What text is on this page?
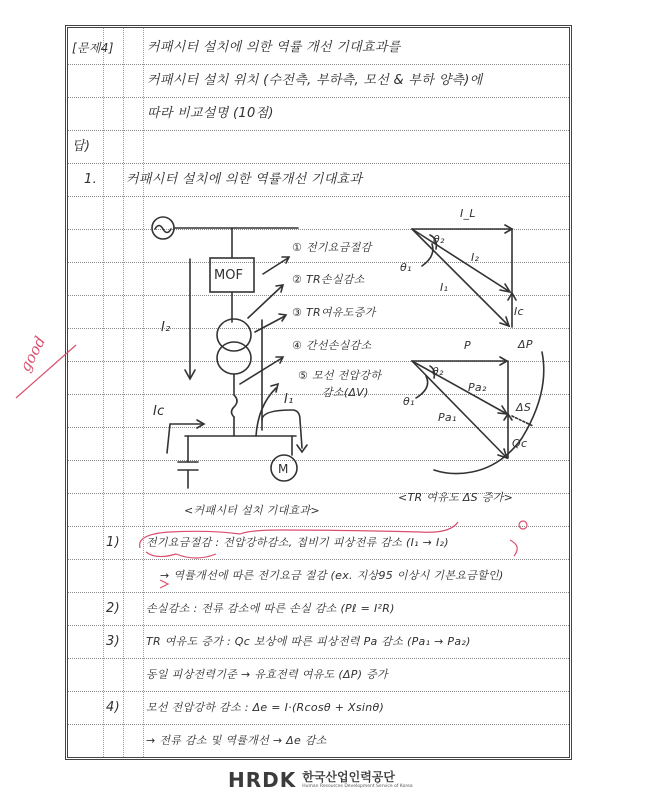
[문제4]	커패시터 설치에 의한 역률 개선 기대효과를
커패시터 설치 위치 (수전측, 부하측, 모선 & 부하 양측)에
따라 비교설명 (10점)
답)
1. 커패시터 설치에 의한 역률개선 기대효과
MOF
I₂
Iᴄ
I₁
M
① 전기요금절감
② TR손실감소
③ TR여유도증가
④ 간선손실감소
⑤ 모선 전압강하
감소(ΔV)
<커패시터 설치 기대효과>
I_L
θ₂
θ₁
I₂
I₁
Iᴄ
P	ΔP
θ₂
θ₁
Pa₂
Pa₁
ΔS
Qc
<TR 여유도 ΔS 증가>
1) 전기요금절감 : 전압강하감소, 접비기 피상전류 감소 (I₁ → I₂)
→ 역률개선에 따른 전기요금 절감 (ex. 지상95 이상시 기본요금할인)
2) 손실감소 : 전류 감소에 따른 손실 감소 (Pℓ = I²R)
3) TR 여유도 증가 : Qc 보상에 따른 피상전력 Pa 감소 (Pa₁ → Pa₂)
동일 피상전력기준 → 유효전력 여유도 (ΔP) 증가
4) 모선 전압강하 감소 : Δe = I·(Rcosθ + Xsinθ)
→ 전류 감소 및 역률개선 → Δe 감소
good
HRDK 한국산업인력공단
Human Resources Development Service of Korea
